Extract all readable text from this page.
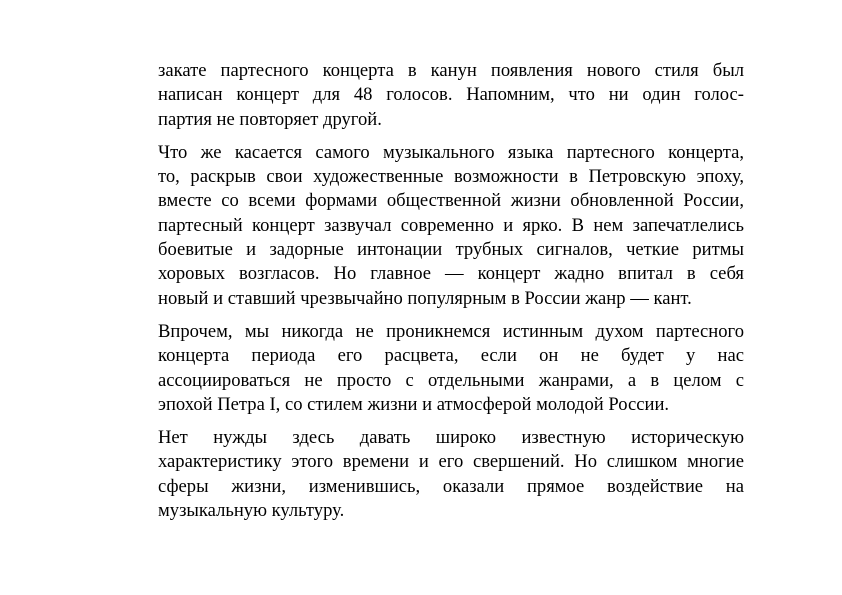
закате партесного концерта в канун появления нового стиля был
написан концерт для 48 голосов. Напомним, что ни один голос-
партия не повторяет другой.

Что же касается самого музыкального языка партесного концерта,
то, раскрыв свои художественные возможности в Петровскую эпоху,
вместе со всеми формами общественной жизни обновленной России,
партесный концерт зазвучал современно и ярко. В нем запечатлелись
боевитые и задорные интонации трубных сигналов, четкие ритмы
хоровых возгласов. Но главное — концерт жадно впитал в себя
новый и ставший чрезвычайно популярным в России жанр — кант.

Впрочем, мы никогда не проникнемся истинным духом партесного
концерта периода его расцвета, если он не будет у нас
ассоциироваться не просто с отдельными жанрами, а в целом с
эпохой Петра I, со стилем жизни и атмосферой молодой России.

Нет нужды здесь давать широко известную историческую
характеристику этого времени и его свершений. Но слишком многие
сферы жизни, изменившись, оказали прямое воздействие на
музыкальную культуру.
